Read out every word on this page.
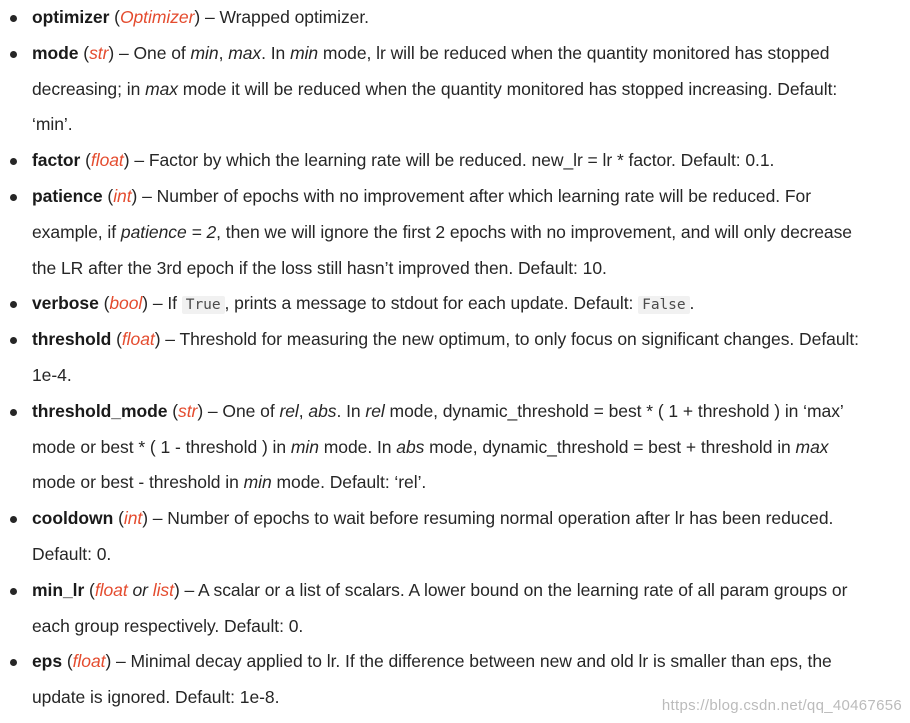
optimizer (Optimizer) – Wrapped optimizer.
mode (str) – One of min, max. In min mode, lr will be reduced when the quantity monitored has stopped
decreasing; in max mode it will be reduced when the quantity monitored has stopped increasing. Default:
‘min’.
factor (float) – Factor by which the learning rate will be reduced. new_lr = lr * factor. Default: 0.1.
patience (int) – Number of epochs with no improvement after which learning rate will be reduced. For
example, if patience = 2, then we will ignore the first 2 epochs with no improvement, and will only decrease
the LR after the 3rd epoch if the loss still hasn’t improved then. Default: 10.
verbose (bool) – If True , prints a message to stdout for each update. Default: False .
threshold (float) – Threshold for measuring the new optimum, to only focus on significant changes. Default:
1e-4.
threshold_mode (str) – One of rel, abs. In rel mode, dynamic_threshold = best * ( 1 + threshold ) in ‘max’
mode or best * ( 1 - threshold ) in min mode. In abs mode, dynamic_threshold = best + threshold in max
mode or best - threshold in min mode. Default: ‘rel’.
cooldown (int) – Number of epochs to wait before resuming normal operation after lr has been reduced.
Default: 0.
min_lr (float or list) – A scalar or a list of scalars. A lower bound on the learning rate of all param groups or
each group respectively. Default: 0.
eps (float) – Minimal decay applied to lr. If the difference between new and old lr is smaller than eps, the
update is ignored. Default: 1e-8.	https://blog.csdn.net/qq_40467656
